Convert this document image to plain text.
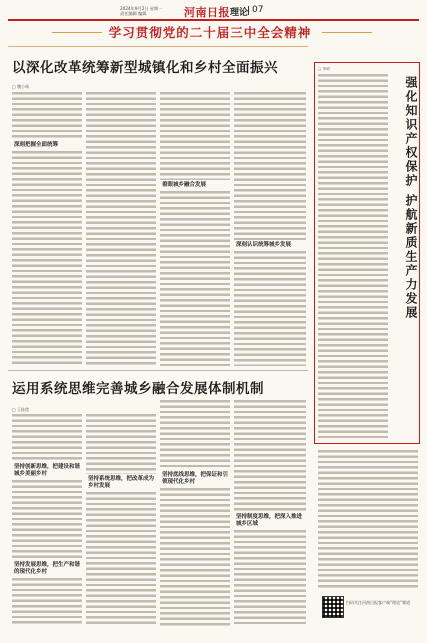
2024年9月2日 星期一
责任编辑 编辑	河南日报 理论 07
学习贯彻党的二十届三中全会精神
以深化改革统筹新型城镇化和乡村全面振兴
□ 魏小萌
深刻把握全面统筹
着眼城乡融合发展
深刻认识统筹城乡发展
运用系统思维完善城乡融合发展体制机制
□ 王桂莲
坚持创新思维，把建设和谐城乡美丽乡村
坚持发展思维，把生产和谐的现代化乡村
坚持系统思维，把改革成为乡村发展
坚持底线思维，把保证和引领现代化乡村
坚持制度思维，把深入推进城乡区域
□ 李明
强化知识产权保护 护航新质生产力发展
扫码关注河南日报客户端“理论”频道
